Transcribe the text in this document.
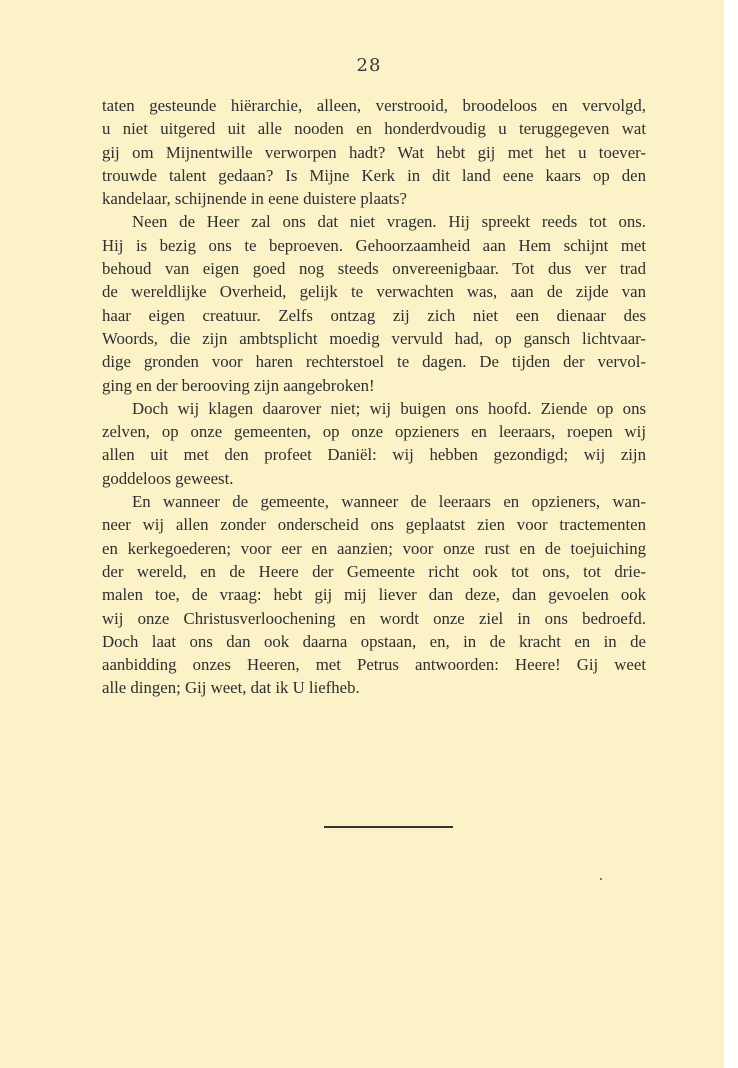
28
taten gesteunde hiërarchie, alleen, verstrooid, broodeloos en vervolgd,
u niet uitgered uit alle nooden en honderdvoudig u teruggegeven wat
gij om Mijnentwille verworpen hadt? Wat hebt gij met het u toever-
trouwde talent gedaan? Is Mijne Kerk in dit land eene kaars op den
kandelaar, schijnende in eene duistere plaats?
Neen de Heer zal ons dat niet vragen. Hij spreekt reeds tot ons.
Hij is bezig ons te beproeven. Gehoorzaamheid aan Hem schijnt met
behoud van eigen goed nog steeds onvereenigbaar. Tot dus ver trad
de wereldlijke Overheid, gelijk te verwachten was, aan de zijde van
haar eigen creatuur. Zelfs ontzag zij zich niet een dienaar des
Woords, die zijn ambtsplicht moedig vervuld had, op gansch lichtvaar-
dige gronden voor haren rechterstoel te dagen. De tijden der vervol-
ging en der berooving zijn aangebroken!
Doch wij klagen daarover niet; wij buigen ons hoofd. Ziende op ons
zelven, op onze gemeenten, op onze opzieners en leeraars, roepen wij
allen uit met den profeet Daniël: wij hebben gezondigd; wij zijn
goddeloos geweest.
En wanneer de gemeente, wanneer de leeraars en opzieners, wan-
neer wij allen zonder onderscheid ons geplaatst zien voor tractementen
en kerkegoederen; voor eer en aanzien; voor onze rust en de toejuiching
der wereld, en de Heere der Gemeente richt ook tot ons, tot drie-
malen toe, de vraag: hebt gij mij liever dan deze, dan gevoelen ook
wij onze Christusverloochening en wordt onze ziel in ons bedroefd.
Doch laat ons dan ook daarna opstaan, en, in de kracht en in de
aanbidding onzes Heeren, met Petrus antwoorden: Heere! Gij weet
alle dingen; Gij weet, dat ik U liefheb.
